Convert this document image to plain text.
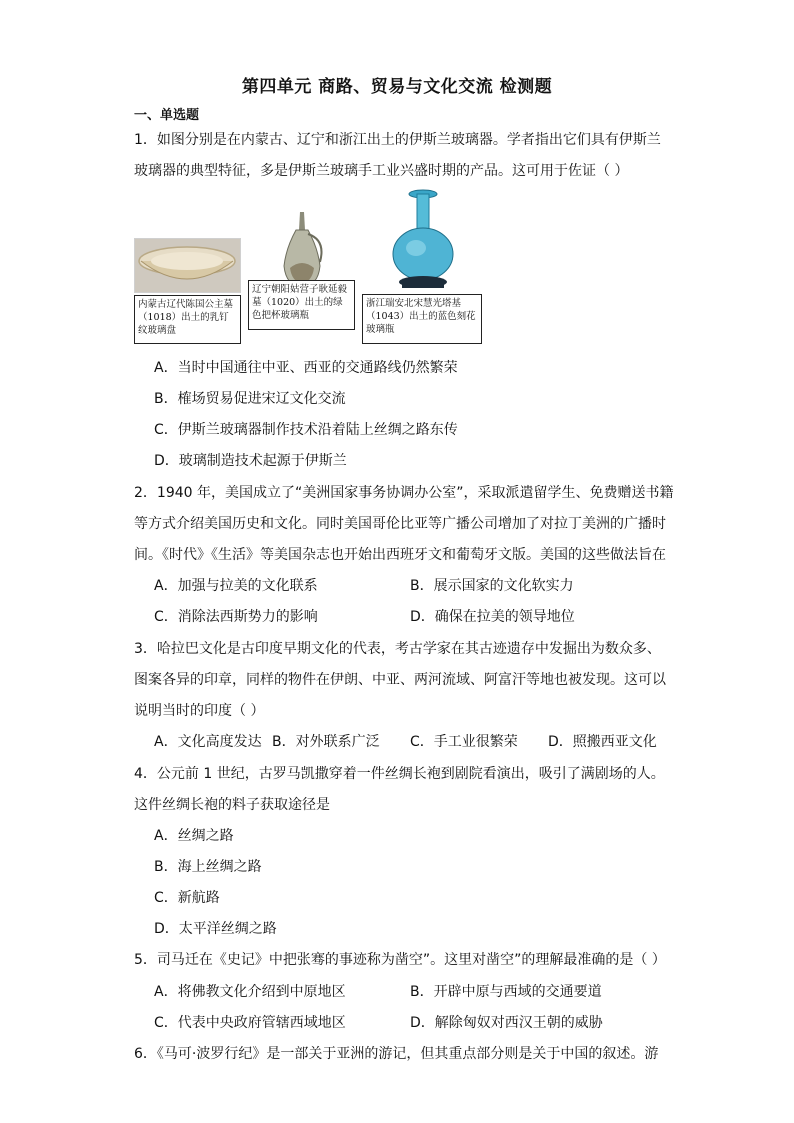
第四单元 商路、贸易与文化交流 检测题
一、单选题
1．如图分别是在内蒙古、辽宁和浙江出土的伊斯兰玻璃器。学者指出它们具有伊斯兰
玻璃器的典型特征，多是伊斯兰玻璃手工业兴盛时期的产品。这可用于佐证（ ）
内蒙古辽代陈国公主墓（1018）出土的乳钉纹玻璃盘
辽宁朝阳姑营子耿延毅墓（1020）出土的绿色把杯玻璃瓶
浙江瑞安北宋慧光塔基（1043）出土的蓝色刻花玻璃瓶
A．当时中国通往中亚、西亚的交通路线仍然繁荣
B．榷场贸易促进宋辽文化交流
C．伊斯兰玻璃器制作技术沿着陆上丝绸之路东传
D．玻璃制造技术起源于伊斯兰
2．1940 年，美国成立了“美洲国家事务协调办公室”，采取派遣留学生、免费赠送书籍
等方式介绍美国历史和文化。同时美国哥伦比亚等广播公司增加了对拉丁美洲的广播时
间。《时代》《生活》等美国杂志也开始出西班牙文和葡萄牙文版。美国的这些做法旨在
A．加强与拉美的文化联系	B．展示国家的文化软实力
C．消除法西斯势力的影响	D．确保在拉美的领导地位
3．哈拉巴文化是古印度早期文化的代表，考古学家在其古迹遗存中发掘出为数众多、
图案各异的印章，同样的物件在伊朗、中亚、两河流域、阿富汗等地也被发现。这可以
说明当时的印度（ ）
A．文化高度发达 B．对外联系广泛 C．手工业很繁荣 D．照搬西亚文化
4．公元前 1 世纪，古罗马凯撒穿着一件丝绸长袍到剧院看演出，吸引了满剧场的人。
这件丝绸长袍的料子获取途径是
A．丝绸之路
B．海上丝绸之路
C．新航路
D．太平洋丝绸之路
5．司马迁在《史记》中把张骞的事迹称为凿空”。这里对凿空”的理解最准确的是（ ）
A．将佛教文化介绍到中原地区	B．开辟中原与西域的交通要道
C．代表中央政府管辖西域地区	D．解除匈奴对西汉王朝的威胁
6．《马可·波罗行纪》是一部关于亚洲的游记，但其重点部分则是关于中国的叙述。游
